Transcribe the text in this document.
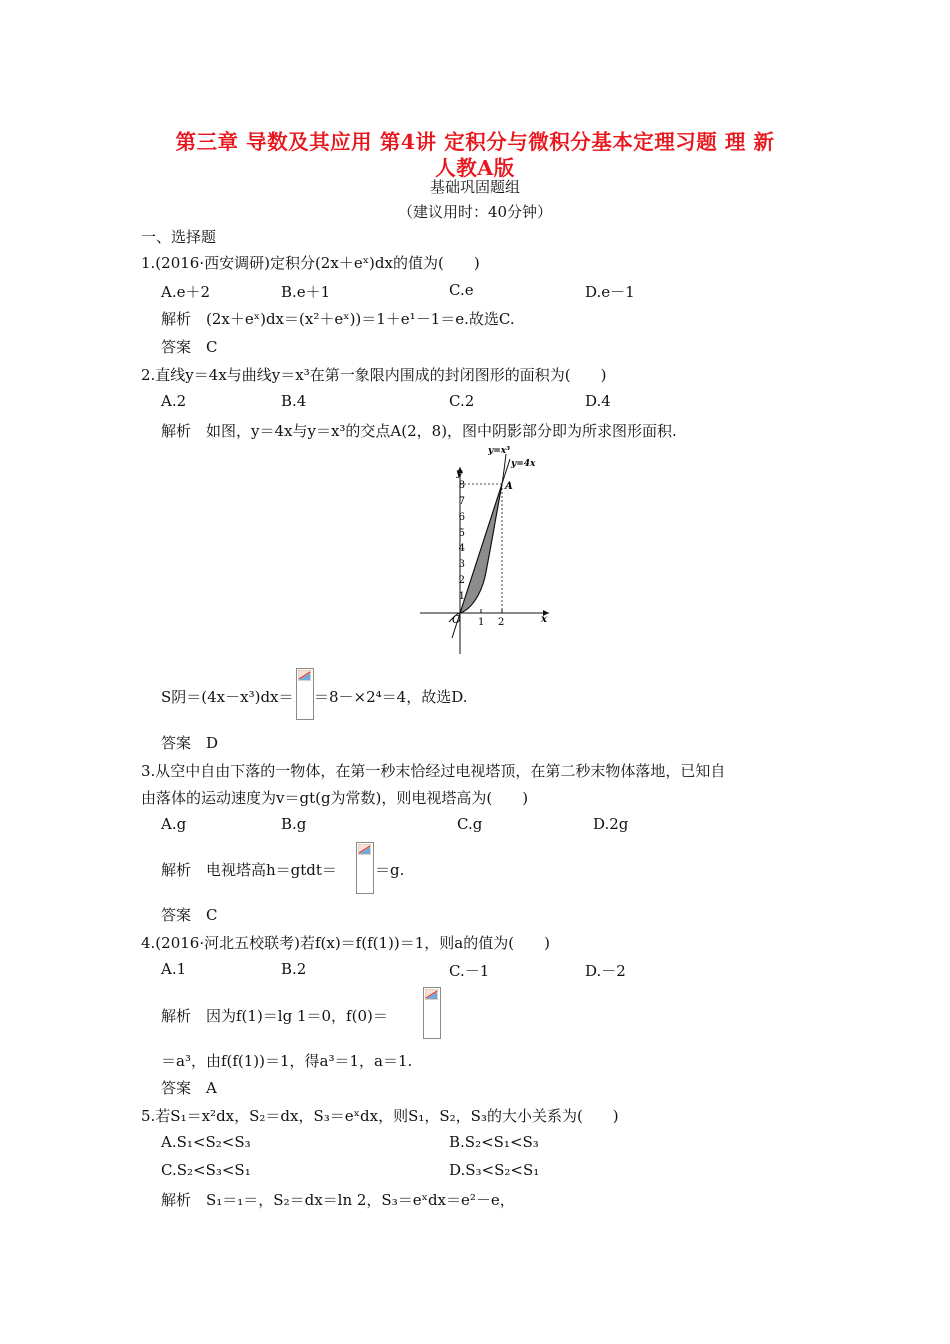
第三章 导数及其应用 第4讲 定积分与微积分基本定理习题 理 新
人教A版
基础巩固题组
（建议用时：40分钟）
一、选择题
1.(2016·西安调研)定积分(2x＋eˣ)dx的值为(　　)
A.e＋2	B.e＋1	C.e	D.e－1
解析　(2x＋eˣ)dx＝(x²＋eˣ))＝1＋e¹－1＝e.故选C.
答案　C
2.直线y＝4x与曲线y＝x³在第一象限内围成的封闭图形的面积为(　　)
A.2	B.4	C.2	D.4
解析　如图，y＝4x与y＝x³的交点A(2，8)，图中阴影部分即为所求图形面积.
y=x³
y=4x
A
y
x
O
8
7
6
5
4
3
2
1
1 2
S阴＝(4x－x³)dx＝ ＝8－×2⁴＝4，故选D.
答案　D
3.从空中自由下落的一物体，在第一秒末恰经过电视塔顶，在第二秒末物体落地，已知自
由落体的运动速度为v＝gt(g为常数)，则电视塔高为(　　)
A.g	B.g	C.g	D.2g
解析　电视塔高h＝gtdt＝	＝g.
答案　C
4.(2016·河北五校联考)若f(x)＝f(f(1))＝1，则a的值为(　　)
A.1	B.2	C.－1	D.－2
解析　因为f(1)＝lg 1＝0，f(0)＝
＝a³，由f(f(1))＝1，得a³＝1，a＝1.
答案　A
5.若S₁＝x²dx，S₂＝dx，S₃＝eˣdx，则S₁，S₂，S₃的大小关系为(　　)
A.S₁<S₂<S₃	B.S₂<S₁<S₃
C.S₂<S₃<S₁	D.S₃<S₂<S₁
解析　S₁＝₁＝，S₂＝dx＝ln 2，S₃＝eˣdx＝e²－e，
